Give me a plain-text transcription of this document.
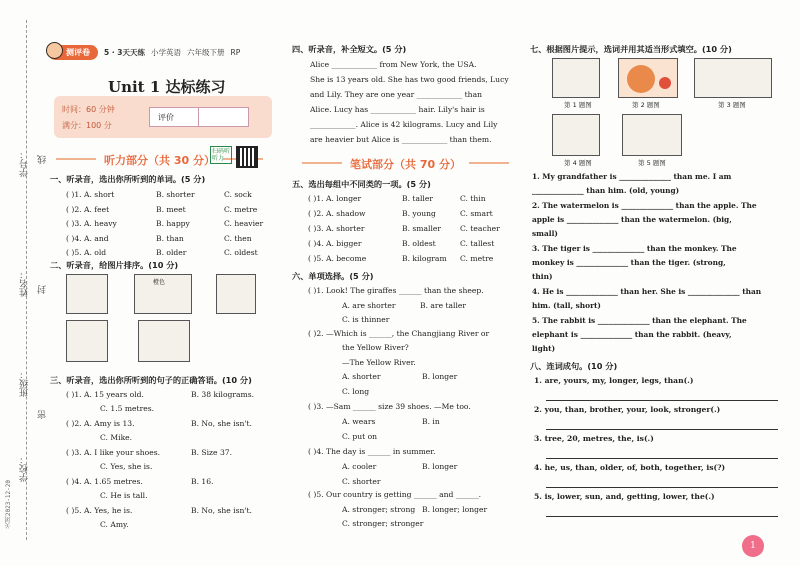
学号：
姓名：
班级：
学校：
线
封
密
关闭2023-12-20
测评卷	5 · 3天天练 小学英语 六年级下册 RP
Unit 1 达标练习
时间：60 分钟
满分：100 分
评价
听力部分（共 30 分）
扫码听听力
一、听录音，选出你所听到的单词。(5 分)
( )1. A. short	B. shorter	C. sock
( )2. A. feet	B. meet	C. metre
( )3. A. heavy	B. happy	C. heavier
( )4. A. and	B. than	C. then
( )5. A. old	B. older	C. oldest
二、听录音，给图片排序。(10 分)
橙色
三、听录音，选出你所听到的句子的正确答语。(10 分)
( )1. A. 15 years old.	B. 38 kilograms.
C. 1.5 metres.
( )2. A. Amy is 13.	B. No, she isn't.
C. Mike.
( )3. A. I like your shoes.	B. Size 37.
C. Yes, she is.
( )4. A. 1.65 metres.	B. 16.
C. He is tall.
( )5. A. Yes, he is.	B. No, she isn't.
C. Amy.
四、听录音，补全短文。(5 分)
Alice ____________ from New York, the USA.
She is 13 years old. She has two good friends, Lucy
and Lily. They are one year ____________ than
Alice. Lucy has ____________ hair. Lily's hair is
____________. Alice is 42 kilograms. Lucy and Lily
are heavier but Alice is ____________ than them.
笔试部分（共 70 分）
五、选出每组中不同类的一项。(5 分)
( )1. A. longer	B. taller	C. thin
( )2. A. shadow	B. young	C. smart
( )3. A. shorter	B. smaller C. teacher
( )4. A. bigger	B. oldest	C. tallest
( )5. A. become	B. kilogram C. metre
六、单项选择。(5 分)
( )1. Look! The giraffes ______ than the sheep.
A. are shorter	B. are taller
C. is thinner
( )2. —Which is ______, the Changjiang River or
the Yellow River?
—The Yellow River.
A. shorter	B. longer
C. long
( )3. —Sam ______ size 39 shoes. —Me too.
A. wears	B. in
C. put on
( )4. The day is ______ in summer.
A. cooler	B. longer
C. shorter
( )5. Our country is getting ______ and ______.
A. stronger; strong B. longer; longer
C. stronger; stronger
七、根据图片提示，选词并用其适当形式填空。(10 分)
第 1 题图	第 2 题图	第 3 题图
第 4 题图	第 5 题图
1. My grandfather is ______________ than me. I am
______________ than him. (old, young)
2. The watermelon is ______________ than the apple. The
apple is ______________ than the watermelon. (big,
small)
3. The tiger is ______________ than the monkey. The
monkey is ______________ than the tiger. (strong,
thin)
4. He is ______________ than her. She is ______________ than
him. (tall, short)
5. The rabbit is ______________ than the elephant. The
elephant is ______________ than the rabbit. (heavy,
light)
八、连词成句。(10 分)
1. are, yours, my, longer, legs, than(.)
2. you, than, brother, your, look, stronger(.)
3. tree, 20, metres, the, is(.)
4. he, us, than, older, of, both, together, is(?)
5. is, lower, sun, and, getting, lower, the(.)
1
